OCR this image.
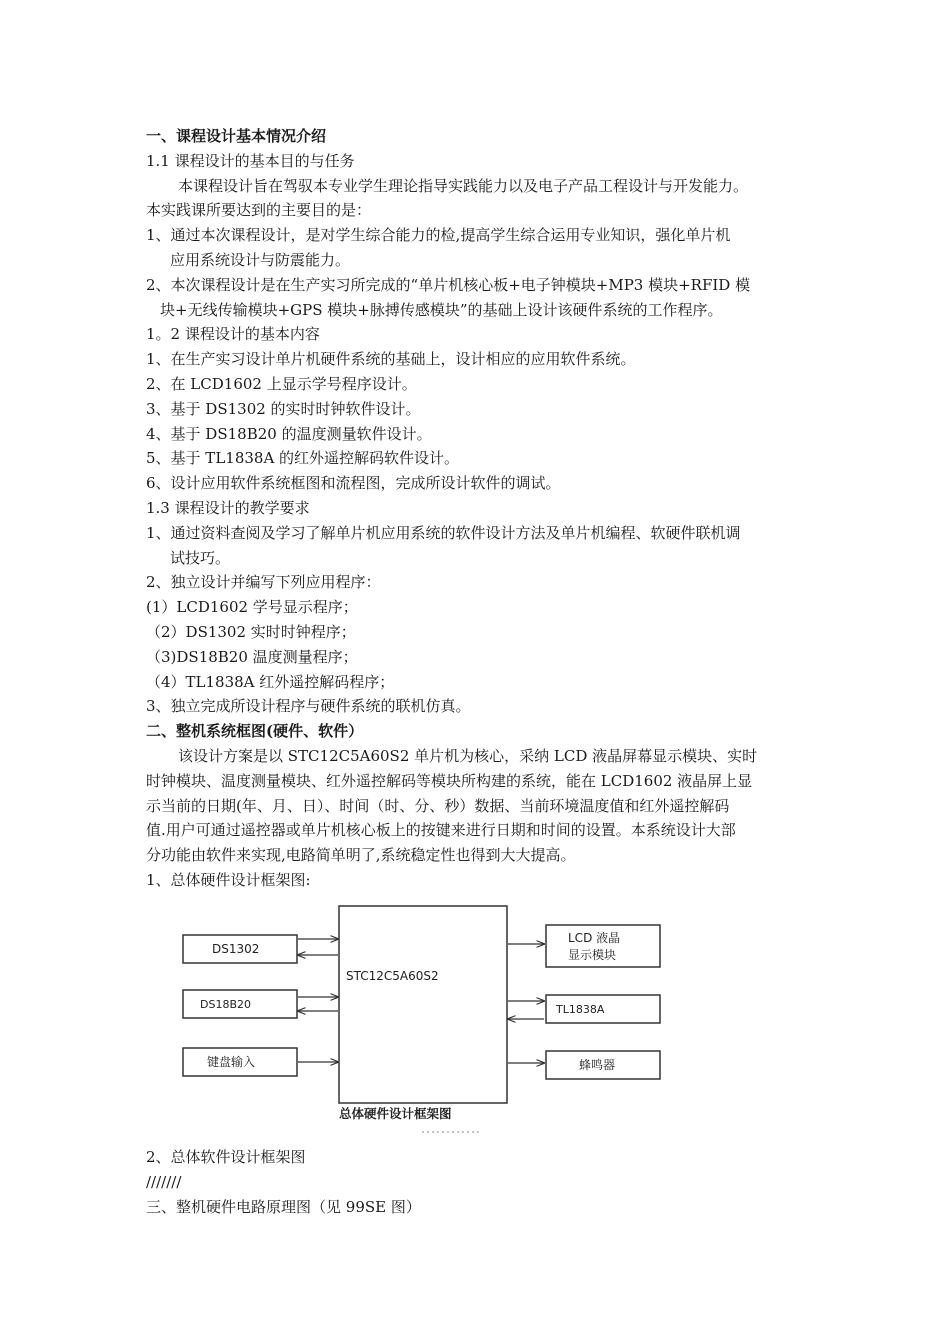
一、课程设计基本情况介绍
1.1 课程设计的基本目的与任务
本课程设计旨在驾驭本专业学生理论指导实践能力以及电子产品工程设计与开发能力。
本实践课所要达到的主要目的是：
1、通过本次课程设计，是对学生综合能力的检,提高学生综合运用专业知识，强化单片机
应用系统设计与防震能力。
2、本次课程设计是在生产实习所完成的“单片机核心板+电子钟模块+MP3 模块+RFID 模
块+无线传输模块+GPS 模块+脉搏传感模块”的基础上设计该硬件系统的工作程序。
1。2 课程设计的基本内容
1、在生产实习设计单片机硬件系统的基础上，设计相应的应用软件系统。
2、在 LCD1602 上显示学号程序设计。
3、基于 DS1302 的实时时钟软件设计。
4、基于 DS18B20 的温度测量软件设计。
5、基于 TL1838A 的红外遥控解码软件设计。
6、设计应用软件系统框图和流程图，完成所设计软件的调试。
1.3 课程设计的教学要求
1、通过资料查阅及学习了解单片机应用系统的软件设计方法及单片机编程、软硬件联机调
试技巧。
2、独立设计并编写下列应用程序：
(1）LCD1602 学号显示程序；
（2）DS1302 实时时钟程序；
（3)DS18B20 温度测量程序；
（4）TL1838A 红外遥控解码程序；
3、独立完成所设计程序与硬件系统的联机仿真。
二、整机系统框图(硬件、软件）
该设计方案是以 STC12C5A60S2 单片机为核心，采纳 LCD 液晶屏幕显示模块、实时
时钟模块、温度测量模块、红外遥控解码等模块所构建的系统，能在 LCD1602 液晶屏上显
示当前的日期(年、月、日）、时间（时、分、秒）数据、当前环境温度值和红外遥控解码
值.用户可通过遥控器或单片机核心板上的按键来进行日期和时间的设置。本系统设计大部
分功能由软件来实现,电路简单明了,系统稳定性也得到大大提高。
1、总体硬件设计框架图:
STC12C5A60S2
DS1302
DS18B20
键盘输入
LCD 液晶
显示模块
TL1838A
蜂鸣器
总体硬件设计框架图
2、总体软件设计框架图
///////
三、整机硬件电路原理图（见 99SE 图）
